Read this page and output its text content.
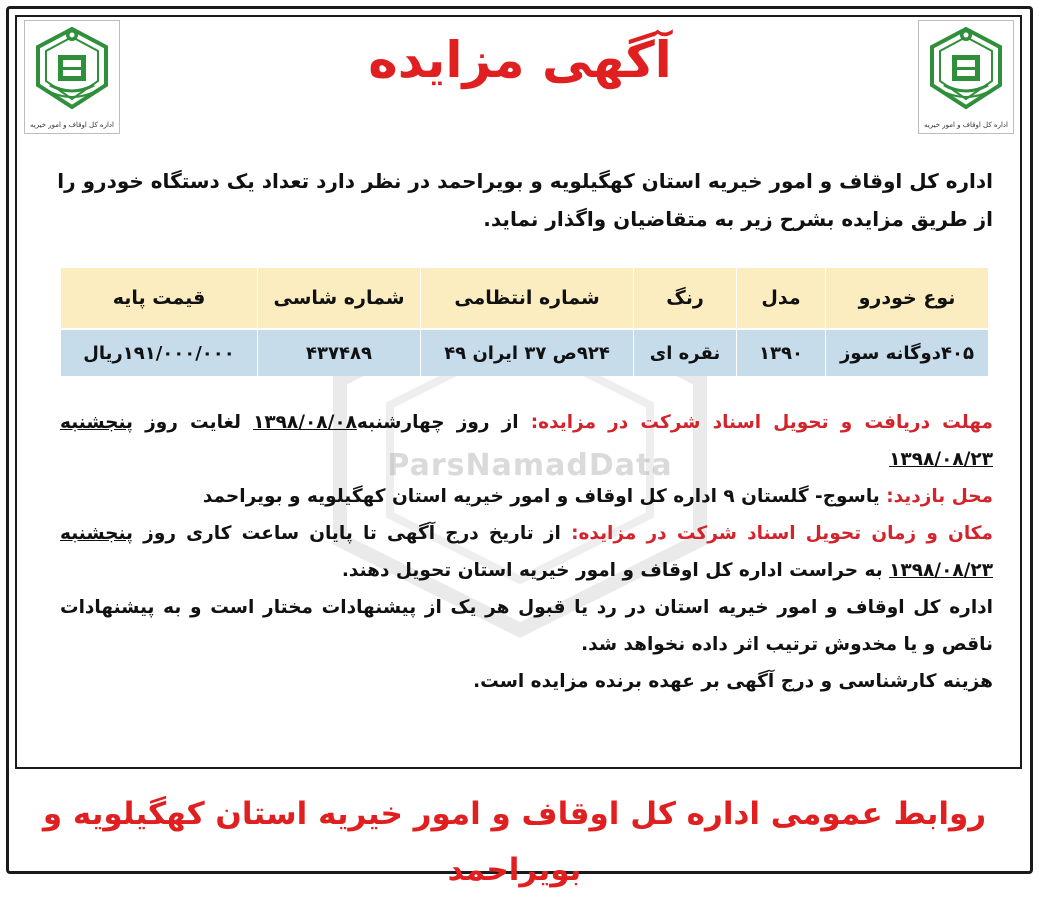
اداره کل اوقاف و امور خیریه	اداره کل اوقاف و امور خیریه
آگهی مزایده
اداره کل اوقاف و امور خیریه استان کهگیلویه و بویراحمد در نظر دارد تعداد یک دستگاه خودرو را از طریق مزایده بشرح زیر به متقاضیان واگذار نماید.
نوع خودرو	مدل	رنگ	شماره انتظامی	شماره شاسی	قیمت پایه
۴۰۵دوگانه سوز	۱۳۹۰	نقره ای	۹۲۴ص ۳۷ ایران ۴۹	۴۳۷۴۸۹	۱۹۱/۰۰۰/۰۰۰ریال
ParsNamadData

مهلت دریافت و تحویل اسناد شرکت در مزایده: از روز چهارشنبه۱۳۹۸/۰۸/۰۸ لغایت روز پنجشنبه ۱۳۹۸/۰۸/۲۳

محل بازدید: یاسوج- گلستان ۹ اداره کل اوقاف و امور خیریه استان کهگیلویه و بویراحمد

مکان و زمان تحویل اسناد شرکت در مزایده: از تاریخ درج آگهی تا پایان ساعت کاری روز پنجشنبه ۱۳۹۸/۰۸/۲۳ به حراست اداره کل اوقاف و امور خیریه استان تحویل دهند.

اداره کل اوقاف و امور خیریه استان در رد یا قبول هر یک از پیشنهادات مختار است و به پیشنهادات ناقص و یا مخدوش ترتیب اثر داده نخواهد شد.

هزینه کارشناسی و درج آگهی بر عهده برنده مزایده است.

روابط عمومی اداره کل اوقاف و امور خیریه استان کهگیلویه و بویراحمد
